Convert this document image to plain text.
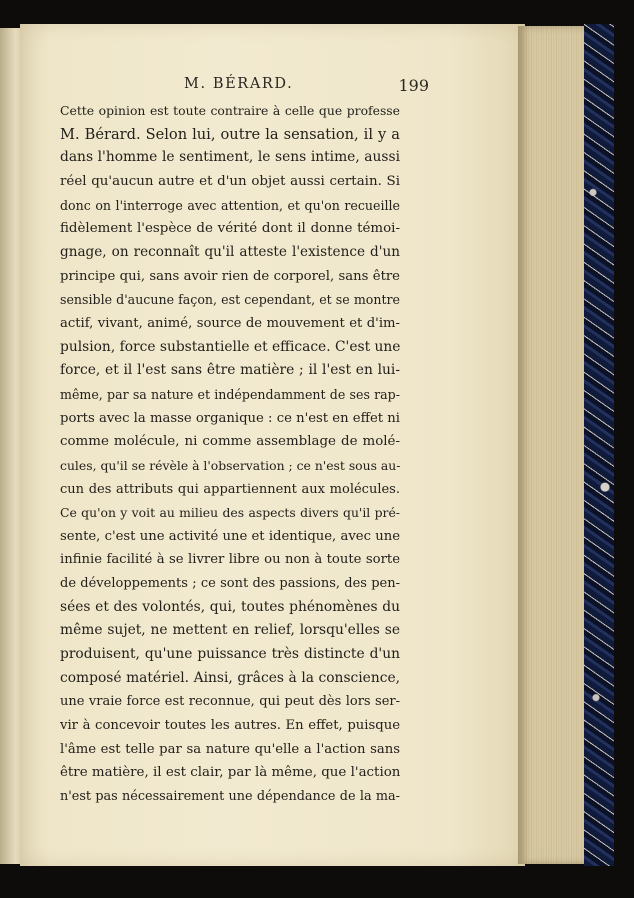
M. BÉRARD.	199
Cette opinion est toute contraire à celle que professe
M. Bérard. Selon lui, outre la sensation, il y a
dans l'homme le sentiment, le sens intime, aussi
réel qu'aucun autre et d'un objet aussi certain. Si
donc on l'interroge avec attention, et qu'on recueille
fidèlement l'espèce de vérité dont il donne témoi-
gnage, on reconnaît qu'il atteste l'existence d'un
principe qui, sans avoir rien de corporel, sans être
sensible d'aucune façon, est cependant, et se montre
actif, vivant, animé, source de mouvement et d'im-
pulsion, force substantielle et efficace. C'est une
force, et il l'est sans être matière ; il l'est en lui-
même, par sa nature et indépendamment de ses rap-
ports avec la masse organique : ce n'est en effet ni
comme molécule, ni comme assemblage de molé-
cules, qu'il se révèle à l'observation ; ce n'est sous au-
cun des attributs qui appartiennent aux molécules.
Ce qu'on y voit au milieu des aspects divers qu'il pré-
sente, c'est une activité une et identique, avec une
infinie facilité à se livrer libre ou non à toute sorte
de développements ; ce sont des passions, des pen-
sées et des volontés, qui, toutes phénomènes du
même sujet, ne mettent en relief, lorsqu'elles se
produisent, qu'une puissance très distincte d'un
composé matériel. Ainsi, grâces à la conscience,
une vraie force est reconnue, qui peut dès lors ser-
vir à concevoir toutes les autres. En effet, puisque
l'âme est telle par sa nature qu'elle a l'action sans
être matière, il est clair, par là même, que l'action
n'est pas nécessairement une dépendance de la ma-
